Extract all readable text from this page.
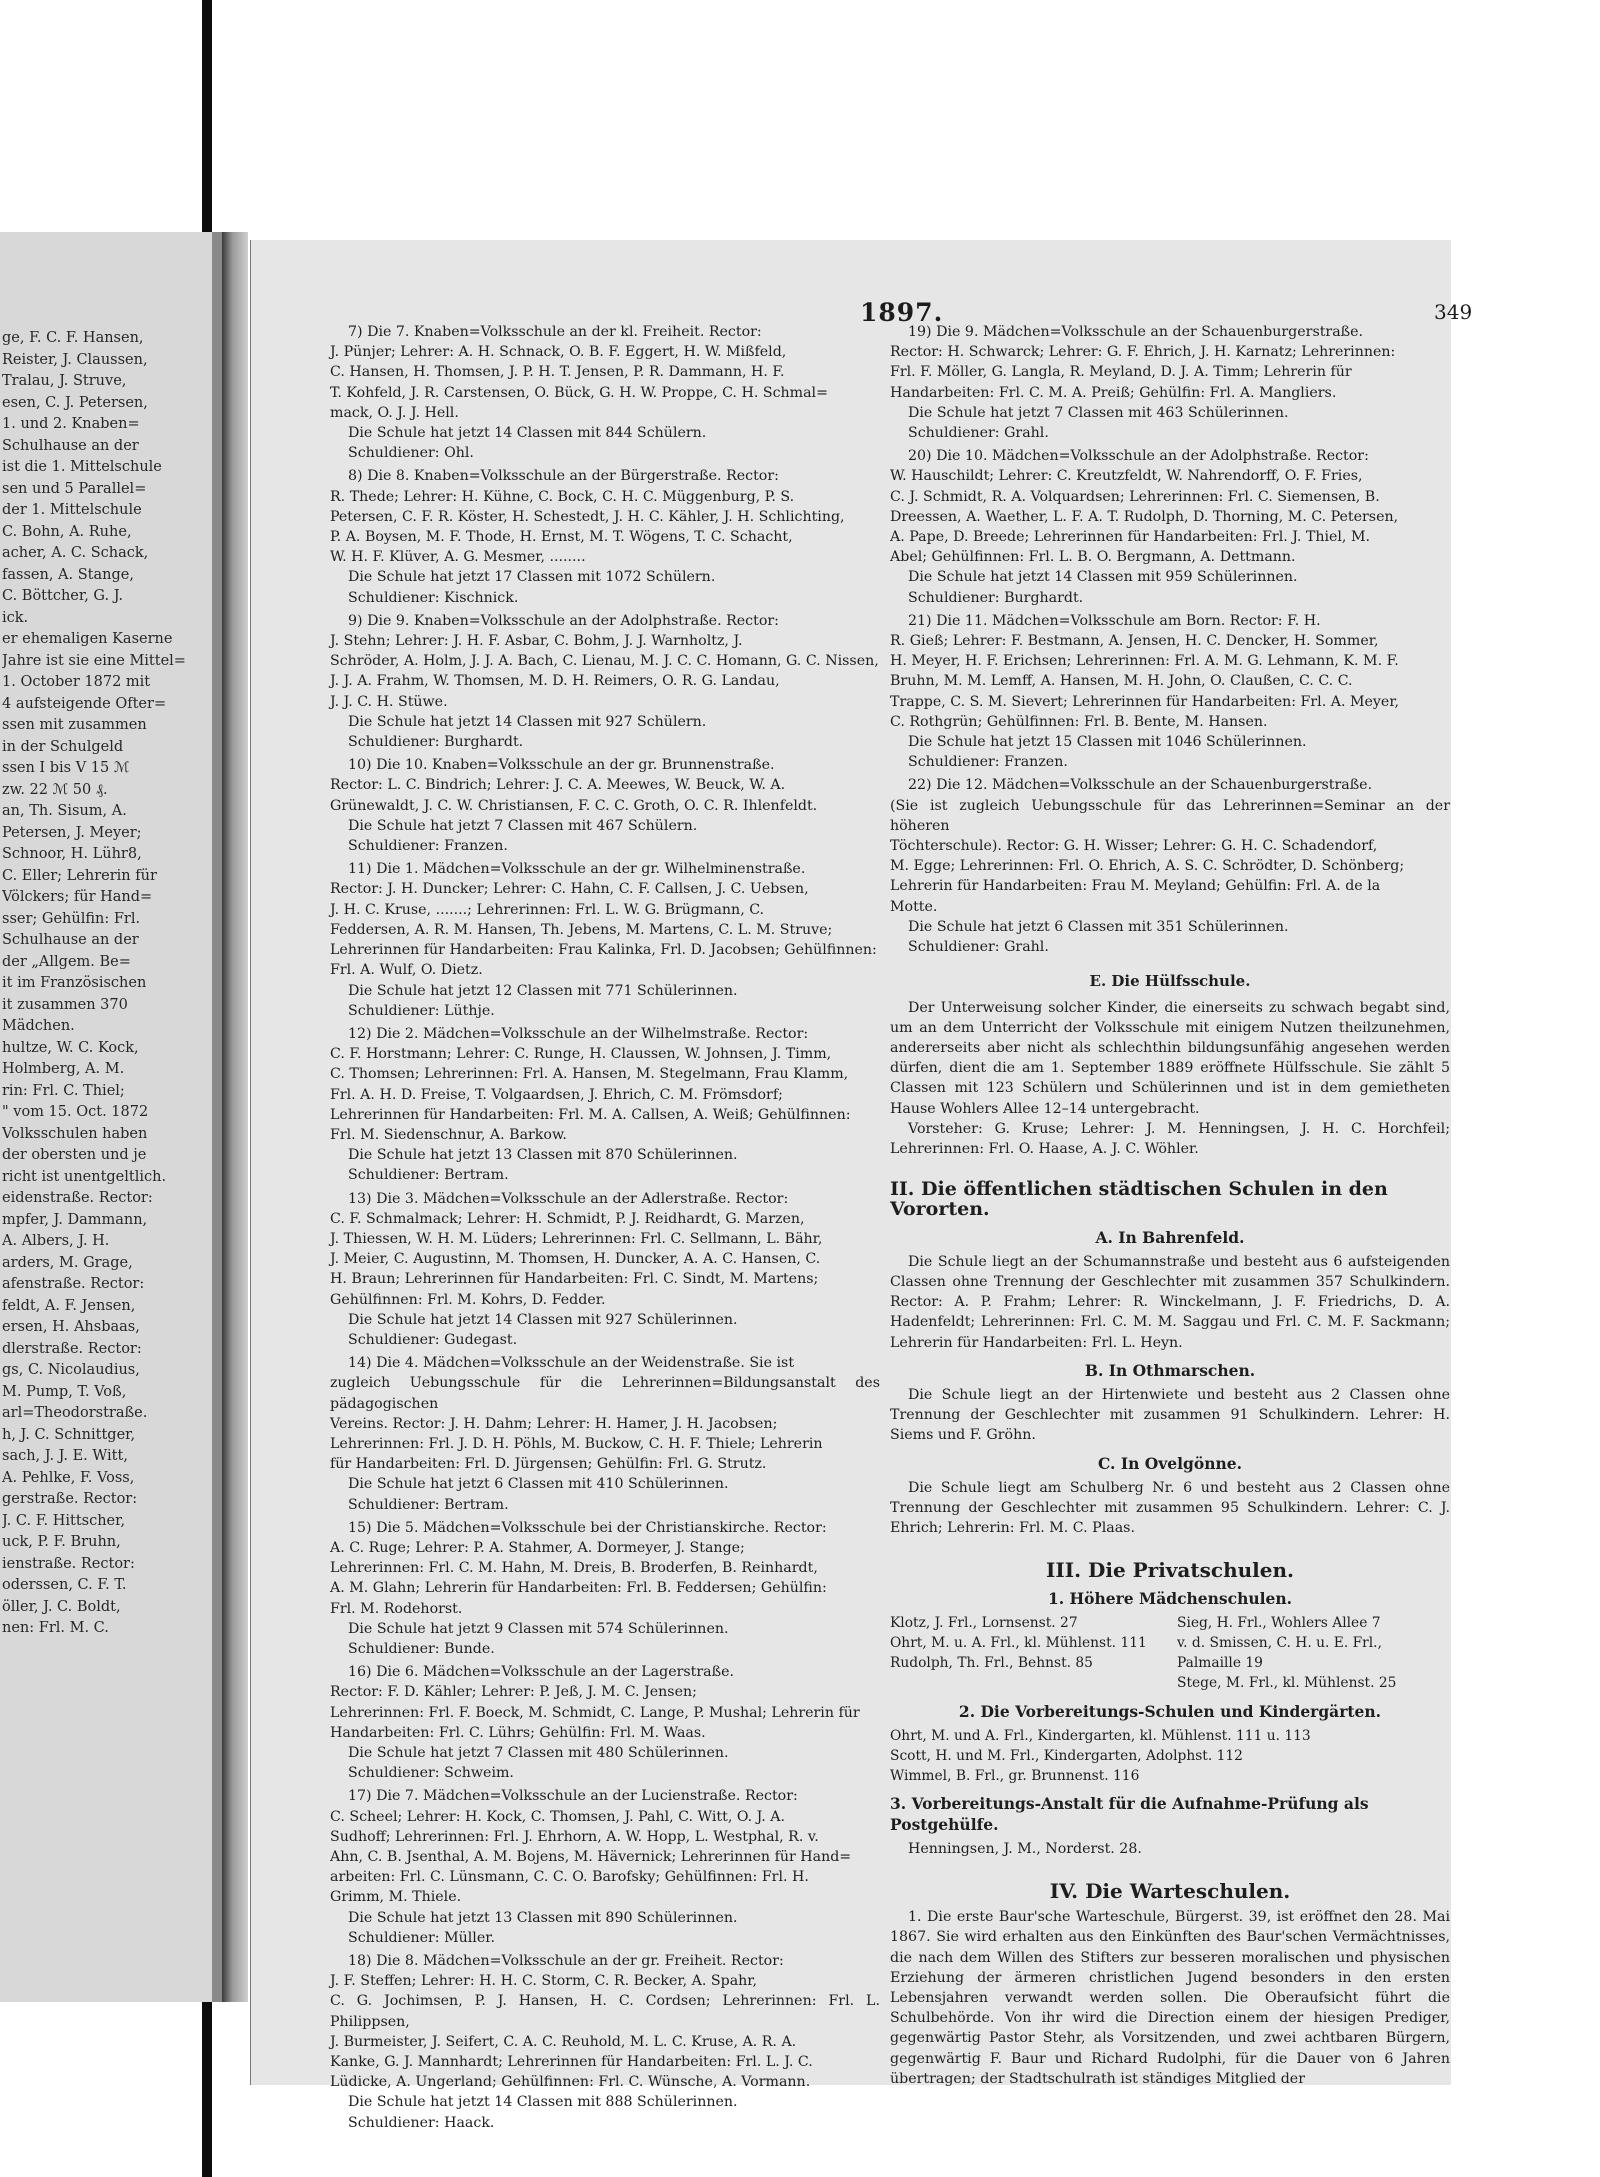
ge, F. C. F. Hansen,
Reister, J. Claussen,
Tralau, J. Struve,
esen, C. J. Petersen,
1. und 2. Knaben=
Schulhause an der
ist die 1. Mittelschule
sen und 5 Parallel=
der 1. Mittelschule
C. Bohn, A. Ruhe,
acher, A. C. Schack,
fassen, A. Stange,
C. Böttcher, G. J.
ick.
er ehemaligen Kaserne
Jahre ist sie eine Mittel=
1. October 1872 mit
4 aufsteigende Ofter=
ssen mit zusammen
in der Schulgeld
ssen I bis V 15 ℳ
zw. 22 ℳ 50 ₰.
an, Th. Sisum, A.
Petersen, J. Meyer;
Schnoor, H. Lühr8,
C. Eller; Lehrerin für
Völckers; für Hand=
sser; Gehülfin: Frl.
Schulhause an der
der „Allgem. Be=
it im Französischen
it zusammen 370
Mädchen.
hultze, W. C. Kock,
Holmberg, A. M.
rin: Frl. C. Thiel;
" vom 15. Oct. 1872
Volksschulen haben
der obersten und je
richt ist unentgeltlich.
eidenstraße. Rector:
mpfer, J. Dammann,
A. Albers, J. H.
arders, M. Grage,
afenstraße. Rector:
feldt, A. F. Jensen,
ersen, H. Ahsbaas,
dlerstraße. Rector:
gs, C. Nicolaudius,
M. Pump, T. Voß,
arl=Theodorstraße.
h, J. C. Schnittger,
sach, J. J. E. Witt,
A. Pehlke, F. Voss,
gerstraße. Rector:
J. C. F. Hittscher,
uck, P. F. Bruhn,
ienstraße. Rector:
oderssen, C. F. T.
öller, J. C. Boldt,
nen: Frl. M. C.
1897.	349
7) Die 7. Knaben=Volksschule an der kl. Freiheit. Rector:
J. Pünjer; Lehrer: A. H. Schnack, O. B. F. Eggert, H. W. Mißfeld,
C. Hansen, H. Thomsen, J. P. H. T. Jensen, P. R. Dammann, H. F.
T. Kohfeld, J. R. Carstensen, O. Bück, G. H. W. Proppe, C. H. Schmal=
mack, O. J. J. Hell.
Die Schule hat jetzt 14 Classen mit 844 Schülern.
Schuldiener: Ohl.
8) Die 8. Knaben=Volksschule an der Bürgerstraße. Rector:
R. Thede; Lehrer: H. Kühne, C. Bock, C. H. C. Müggenburg, P. S.
Petersen, C. F. R. Köster, H. Schestedt, J. H. C. Kähler, J. H. Schlichting,
P. A. Boysen, M. F. Thode, H. Ernst, M. T. Wögens, T. C. Schacht,
W. H. F. Klüver, A. G. Mesmer, ........
Die Schule hat jetzt 17 Classen mit 1072 Schülern.
Schuldiener: Kischnick.
9) Die 9. Knaben=Volksschule an der Adolphstraße. Rector:
J. Stehn; Lehrer: J. H. F. Asbar, C. Bohm, J. J. Warnholtz, J.
Schröder, A. Holm, J. J. A. Bach, C. Lienau, M. J. C. C. Homann, G. C. Nissen,
J. J. A. Frahm, W. Thomsen, M. D. H. Reimers, O. R. G. Landau,
J. J. C. H. Stüwe.
Die Schule hat jetzt 14 Classen mit 927 Schülern.
Schuldiener: Burghardt.
10) Die 10. Knaben=Volksschule an der gr. Brunnenstraße.
Rector: L. C. Bindrich; Lehrer: J. C. A. Meewes, W. Beuck, W. A.
Grünewaldt, J. C. W. Christiansen, F. C. C. Groth, O. C. R. Ihlenfeldt.
Die Schule hat jetzt 7 Classen mit 467 Schülern.
Schuldiener: Franzen.
11) Die 1. Mädchen=Volksschule an der gr. Wilhelminenstraße.
Rector: J. H. Duncker; Lehrer: C. Hahn, C. F. Callsen, J. C. Uebsen,
J. H. C. Kruse, .......; Lehrerinnen: Frl. L. W. G. Brügmann, C.
Feddersen, A. R. M. Hansen, Th. Jebens, M. Martens, C. L. M. Struve;
Lehrerinnen für Handarbeiten: Frau Kalinka, Frl. D. Jacobsen; Gehülfinnen:
Frl. A. Wulf, O. Dietz.
Die Schule hat jetzt 12 Classen mit 771 Schülerinnen.
Schuldiener: Lüthje.
12) Die 2. Mädchen=Volksschule an der Wilhelmstraße. Rector:
C. F. Horstmann; Lehrer: C. Runge, H. Claussen, W. Johnsen, J. Timm,
C. Thomsen; Lehrerinnen: Frl. A. Hansen, M. Stegelmann, Frau Klamm,
Frl. A. H. D. Freise, T. Volgaardsen, J. Ehrich, C. M. Frömsdorf;
Lehrerinnen für Handarbeiten: Frl. M. A. Callsen, A. Weiß; Gehülfinnen:
Frl. M. Siedenschnur, A. Barkow.
Die Schule hat jetzt 13 Classen mit 870 Schülerinnen.
Schuldiener: Bertram.
13) Die 3. Mädchen=Volksschule an der Adlerstraße. Rector:
C. F. Schmalmack; Lehrer: H. Schmidt, P. J. Reidhardt, G. Marzen,
J. Thiessen, W. H. M. Lüders; Lehrerinnen: Frl. C. Sellmann, L. Bähr,
J. Meier, C. Augustinn, M. Thomsen, H. Duncker, A. A. C. Hansen, C.
H. Braun; Lehrerinnen für Handarbeiten: Frl. C. Sindt, M. Martens;
Gehülfinnen: Frl. M. Kohrs, D. Fedder.
Die Schule hat jetzt 14 Classen mit 927 Schülerinnen.
Schuldiener: Gudegast.
14) Die 4. Mädchen=Volksschule an der Weidenstraße. Sie ist
zugleich Uebungsschule für die Lehrerinnen=Bildungsanstalt des pädagogischen
Vereins. Rector: J. H. Dahm; Lehrer: H. Hamer, J. H. Jacobsen;
Lehrerinnen: Frl. J. D. H. Pöhls, M. Buckow, C. H. F. Thiele; Lehrerin
für Handarbeiten: Frl. D. Jürgensen; Gehülfin: Frl. G. Strutz.
Die Schule hat jetzt 6 Classen mit 410 Schülerinnen.
Schuldiener: Bertram.
15) Die 5. Mädchen=Volksschule bei der Christianskirche. Rector:
A. C. Ruge; Lehrer: P. A. Stahmer, A. Dormeyer, J. Stange;
Lehrerinnen: Frl. C. M. Hahn, M. Dreis, B. Broderfen, B. Reinhardt,
A. M. Glahn; Lehrerin für Handarbeiten: Frl. B. Feddersen; Gehülfin:
Frl. M. Rodehorst.
Die Schule hat jetzt 9 Classen mit 574 Schülerinnen.
Schuldiener: Bunde.
16) Die 6. Mädchen=Volksschule an der Lagerstraße.
Rector: F. D. Kähler; Lehrer: P. Jeß, J. M. C. Jensen;
Lehrerinnen: Frl. F. Boeck, M. Schmidt, C. Lange, P. Mushal; Lehrerin für
Handarbeiten: Frl. C. Lührs; Gehülfin: Frl. M. Waas.
Die Schule hat jetzt 7 Classen mit 480 Schülerinnen.
Schuldiener: Schweim.
17) Die 7. Mädchen=Volksschule an der Lucienstraße. Rector:
C. Scheel; Lehrer: H. Kock, C. Thomsen, J. Pahl, C. Witt, O. J. A.
Sudhoff; Lehrerinnen: Frl. J. Ehrhorn, A. W. Hopp, L. Westphal, R. v.
Ahn, C. B. Jsenthal, A. M. Bojens, M. Hävernick; Lehrerinnen für Hand=
arbeiten: Frl. C. Lünsmann, C. C. O. Barofsky; Gehülfinnen: Frl. H.
Grimm, M. Thiele.
Die Schule hat jetzt 13 Classen mit 890 Schülerinnen.
Schuldiener: Müller.
18) Die 8. Mädchen=Volksschule an der gr. Freiheit. Rector:
J. F. Steffen; Lehrer: H. H. C. Storm, C. R. Becker, A. Spahr,
C. G. Jochimsen, P. J. Hansen, H. C. Cordsen; Lehrerinnen: Frl. L. Philippsen,
J. Burmeister, J. Seifert, C. A. C. Reuhold, M. L. C. Kruse, A. R. A.
Kanke, G. J. Mannhardt; Lehrerinnen für Handarbeiten: Frl. L. J. C.
Lüdicke, A. Ungerland; Gehülfinnen: Frl. C. Wünsche, A. Vormann.
Die Schule hat jetzt 14 Classen mit 888 Schülerinnen.
Schuldiener: Haack.
19) Die 9. Mädchen=Volksschule an der Schauenburgerstraße.
Rector: H. Schwarck; Lehrer: G. F. Ehrich, J. H. Karnatz; Lehrerinnen:
Frl. F. Möller, G. Langla, R. Meyland, D. J. A. Timm; Lehrerin für
Handarbeiten: Frl. C. M. A. Preiß; Gehülfin: Frl. A. Mangliers.
Die Schule hat jetzt 7 Classen mit 463 Schülerinnen.
Schuldiener: Grahl.
20) Die 10. Mädchen=Volksschule an der Adolphstraße. Rector:
W. Hauschildt; Lehrer: C. Kreutzfeldt, W. Nahrendorff, O. F. Fries,
C. J. Schmidt, R. A. Volquardsen; Lehrerinnen: Frl. C. Siemensen, B.
Dreessen, A. Waether, L. F. A. T. Rudolph, D. Thorning, M. C. Petersen,
A. Pape, D. Breede; Lehrerinnen für Handarbeiten: Frl. J. Thiel, M.
Abel; Gehülfinnen: Frl. L. B. O. Bergmann, A. Dettmann.
Die Schule hat jetzt 14 Classen mit 959 Schülerinnen.
Schuldiener: Burghardt.
21) Die 11. Mädchen=Volksschule am Born. Rector: F. H.
R. Gieß; Lehrer: F. Bestmann, A. Jensen, H. C. Dencker, H. Sommer,
H. Meyer, H. F. Erichsen; Lehrerinnen: Frl. A. M. G. Lehmann, K. M. F.
Bruhn, M. M. Lemff, A. Hansen, M. H. John, O. Claußen, C. C. C.
Trappe, C. S. M. Sievert; Lehrerinnen für Handarbeiten: Frl. A. Meyer,
C. Rothgrün; Gehülfinnen: Frl. B. Bente, M. Hansen.
Die Schule hat jetzt 15 Classen mit 1046 Schülerinnen.
Schuldiener: Franzen.
22) Die 12. Mädchen=Volksschule an der Schauenburgerstraße.
(Sie ist zugleich Uebungsschule für das Lehrerinnen=Seminar an der höheren
Töchterschule). Rector: G. H. Wisser; Lehrer: G. H. C. Schadendorf,
M. Egge; Lehrerinnen: Frl. O. Ehrich, A. S. C. Schrödter, D. Schönberg;
Lehrerin für Handarbeiten: Frau M. Meyland; Gehülfin: Frl. A. de la
Motte.
Die Schule hat jetzt 6 Classen mit 351 Schülerinnen.
Schuldiener: Grahl.
E. Die Hülfsschule.
Der Unterweisung solcher Kinder, die einerseits zu schwach begabt sind, um an dem Unterricht der Volksschule mit einigem Nutzen theilzunehmen, andererseits aber nicht als schlechthin bildungsunfähig angesehen werden dürfen, dient die am 1. September 1889 eröffnete Hülfsschule. Sie zählt 5 Classen mit 123 Schülern und Schülerinnen und ist in dem gemietheten Hause Wohlers Allee 12–14 untergebracht.
Vorsteher: G. Kruse; Lehrer: J. M. Henningsen, J. H. C. Horchfeil; Lehrerinnen: Frl. O. Haase, A. J. C. Wöhler.
II. Die öffentlichen städtischen Schulen in den Vororten.
A. In Bahrenfeld.
Die Schule liegt an der Schumannstraße und besteht aus 6 aufsteigenden Classen ohne Trennung der Geschlechter mit zusammen 357 Schulkindern. Rector: A. P. Frahm; Lehrer: R. Winckelmann, J. F. Friedrichs, D. A. Hadenfeldt; Lehrerinnen: Frl. C. M. M. Saggau und Frl. C. M. F. Sackmann; Lehrerin für Handarbeiten: Frl. L. Heyn.
B. In Othmarschen.
Die Schule liegt an der Hirtenwiete und besteht aus 2 Classen ohne Trennung der Geschlechter mit zusammen 91 Schulkindern. Lehrer: H. Siems und F. Gröhn.
C. In Ovelgönne.
Die Schule liegt am Schulberg Nr. 6 und besteht aus 2 Classen ohne Trennung der Geschlechter mit zusammen 95 Schulkindern. Lehrer: C. J. Ehrich; Lehrerin: Frl. M. C. Plaas.
III. Die Privatschulen.
1. Höhere Mädchenschulen.
Klotz, J. Frl., Lornsenst. 27
Ohrt, M. u. A. Frl., kl. Mühlenst. 111
Rudolph, Th. Frl., Behnst. 85
Sieg, H. Frl., Wohlers Allee 7
v. d. Smissen, C. H. u. E. Frl., Palmaille 19
Stege, M. Frl., kl. Mühlenst. 25
2. Die Vorbereitungs-Schulen und Kindergärten.
Ohrt, M. und A. Frl., Kindergarten, kl. Mühlenst. 111 u. 113
Scott, H. und M. Frl., Kindergarten, Adolphst. 112
Wimmel, B. Frl., gr. Brunnenst. 116
3. Vorbereitungs-Anstalt für die Aufnahme-Prüfung als Postgehülfe.
Henningsen, J. M., Norderst. 28.
IV. Die Warteschulen.
1. Die erste Baur'sche Warteschule, Bürgerst. 39, ist eröffnet den 28. Mai 1867. Sie wird erhalten aus den Einkünften des Baur'schen Vermächtnisses, die nach dem Willen des Stifters zur besseren moralischen und physischen Erziehung der ärmeren christlichen Jugend besonders in den ersten Lebensjahren verwandt werden sollen. Die Oberaufsicht führt die Schulbehörde. Von ihr wird die Direction einem der hiesigen Prediger, gegenwärtig Pastor Stehr, als Vorsitzenden, und zwei achtbaren Bürgern, gegenwärtig F. Baur und Richard Rudolphi, für die Dauer von 6 Jahren übertragen; der Stadtschulrath ist ständiges Mitglied der
